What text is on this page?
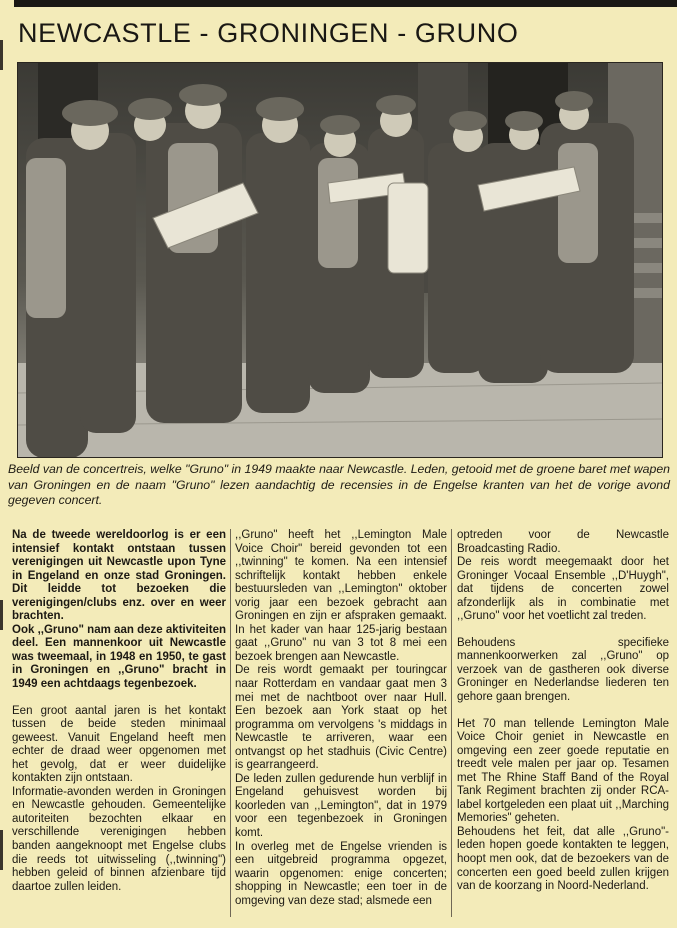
NEWCASTLE - GRONINGEN - GRUNO
Beeld van de concertreis, welke "Gruno" in 1949 maakte naar Newcastle. Leden, getooid met de groene baret met wapen van Groningen en de naam "Gruno" lezen aandachtig de recensies in de Engelse kranten van het de vorige avond gegeven concert.

Na de tweede wereldoorlog is er een intensief kontakt ontstaan tussen verenigingen uit Newcastle upon Tyne in Engeland en onze stad Groningen. Dit leidde tot bezoeken die verenigingen/clubs enz. over en weer brachten.

Ook ,,Gruno" nam aan deze aktiviteiten deel. Een mannenkoor uit Newcastle was tweemaal, in 1948 en 1950, te gast in Groningen en ,,Gruno" bracht in 1949 een achtdaags tegenbezoek.

Een groot aantal jaren is het kontakt tussen de beide steden minimaal geweest. Vanuit Engeland heeft men echter de draad weer opgenomen met het gevolg, dat er weer duidelijke kontakten zijn ontstaan.

Informatie-avonden werden in Groningen en Newcastle gehouden. Gemeentelijke autoriteiten bezochten elkaar en verschillende verenigingen hebben banden aangeknoopt met Engelse clubs die reeds tot uitwisseling (,,twinning") hebben geleid of binnen afzienbare tijd daartoe zullen leiden.

,,Gruno" heeft het ,,Lemington Male Voice Choir" bereid gevonden tot een ,,twinning" te komen. Na een intensief schriftelijk kontakt hebben enkele bestuursleden van ,,Lemington" oktober vorig jaar een bezoek gebracht aan Groningen en zijn er afspraken gemaakt. In het kader van haar 125-jarig bestaan gaat ,,Gruno" nu van 3 tot 8 mei een bezoek brengen aan Newcastle.

De reis wordt gemaakt per touringcar naar Rotterdam en vandaar gaat men 3 mei met de nachtboot over naar Hull. Een bezoek aan York staat op het programma om vervolgens 's middags in Newcastle te arriveren, waar een ontvangst op het stadhuis (Civic Centre) is gearrangeerd.

De leden zullen gedurende hun verblijf in Engeland gehuisvest worden bij koorleden van ,,Lemington", dat in 1979 voor een tegenbezoek in Groningen komt.

In overleg met de Engelse vrienden is een uitgebreid programma opgezet, waarin opgenomen: enige concerten; shopping in Newcastle; een toer in de omgeving van deze stad; alsmede een

optreden voor de Newcastle Broadcasting Radio.

De reis wordt meegemaakt door het Groninger Vocaal Ensemble ,,D'Huygh", dat tijdens de concerten zowel afzonderlijk als in combinatie met ,,Gruno" voor het voetlicht zal treden.

Behoudens specifieke mannenkoorwerken zal ,,Gruno" op verzoek van de gastheren ook diverse Groninger en Nederlandse liederen ten gehore gaan brengen.

Het 70 man tellende Lemington Male Voice Choir geniet in Newcastle en omgeving een zeer goede reputatie en treedt vele malen per jaar op. Tesamen met The Rhine Staff Band of the Royal Tank Regiment brachten zij onder RCA-label kortgeleden een plaat uit ,,Marching Memories" geheten.

Behoudens het feit, dat alle ,,Gruno"-leden hopen goede kontakten te leggen, hoopt men ook, dat de bezoekers van de concerten een goed beeld zullen krijgen van de koorzang in Noord-Nederland.
